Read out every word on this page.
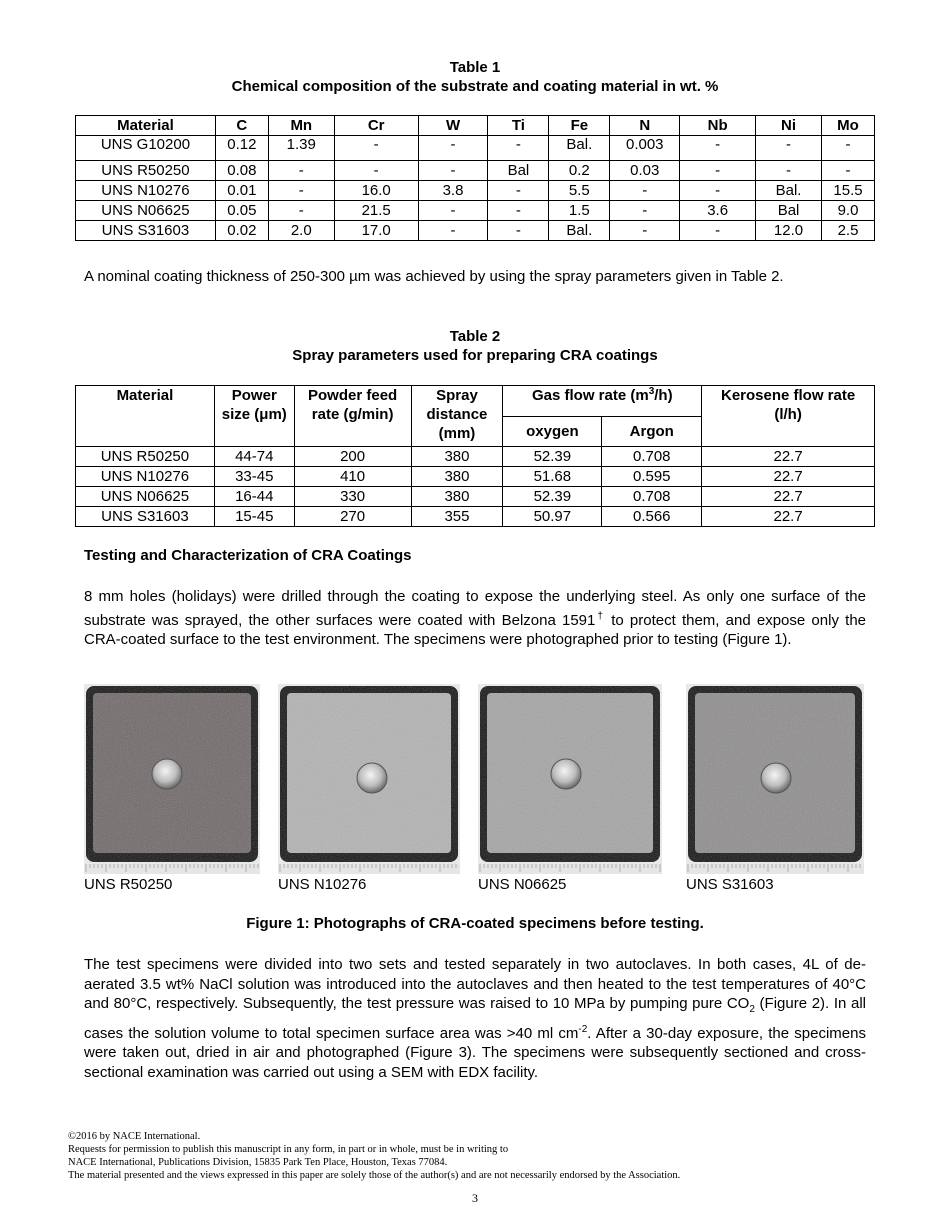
Table 1
Chemical composition of the substrate and coating material in wt. %
Material	C	Mn	Cr	W	Ti	Fe	N	Nb	Ni	Mo
UNS G10200	0.12	1.39	-	-	-	Bal.	0.003	-	-	-
UNS R50250	0.08	-	-	-	Bal	0.2	0.03	-	-	-
UNS N10276	0.01	-	16.0	3.8	-	5.5	-	-	Bal.	15.5
UNS N06625	0.05	-	21.5	-	-	1.5	-	3.6	Bal	9.0
UNS S31603	0.02	2.0	17.0	-	-	Bal.	-	-	12.0	2.5
A nominal coating thickness of 250-300 µm was achieved by using the spray parameters given in Table 2.
Table 2
Spray parameters used for preparing CRA coatings
Material	Power size (μm)	Powder feed rate (g/min)	Spray distance (mm)	Gas flow rate $(m^3/h)$		Kerosene flow rate (l/h)
				oxygen	Argon	
UNS R50250	44-74	200	380	52.39	0.708	22.7
UNS N10276	33-45	410	380	51.68	0.595	22.7
UNS N06625	16-44	330	380	52.39	0.708	22.7
UNS S31603	15-45	270	355	50.97	0.566	22.7
Testing and Characterization of CRA Coatings
8 mm holes (holidays) were drilled through the coating to expose the underlying steel. As only one surface of the substrate was sprayed, the other surfaces were coated with Belzona 1591† to protect them, and expose only the CRA-coated surface to the test environment. The specimens were photographed prior to testing (Figure 1).
UNS R50250	UNS N10276	UNS N06625	UNS S31603
Figure 1: Photographs of CRA-coated specimens before testing.
The test specimens were divided into two sets and tested separately in two autoclaves. In both cases, 4L of de-aerated 3.5 wt% NaCl solution was introduced into the autoclaves and then heated to the test temperatures of 40°C and 80°C, respectively. Subsequently, the test pressure was raised to 10 MPa by pumping pure $CO_2$ (Figure 2). In all cases the solution volume to total specimen surface area was >40 ml $cm^{-2}$. After a 30-day exposure, the specimens were taken out, dried in air and photographed (Figure 3). The specimens were subsequently sectioned and cross-sectional examination was carried out using a SEM with EDX facility.
©2016 by NACE International.
Requests for permission to publish this manuscript in any form, in part or in whole, must be in writing to
NACE International, Publications Division, 15835 Park Ten Place, Houston, Texas 77084.
The material presented and the views expressed in this paper are solely those of the author(s) and are not necessarily endorsed by the Association.
3
